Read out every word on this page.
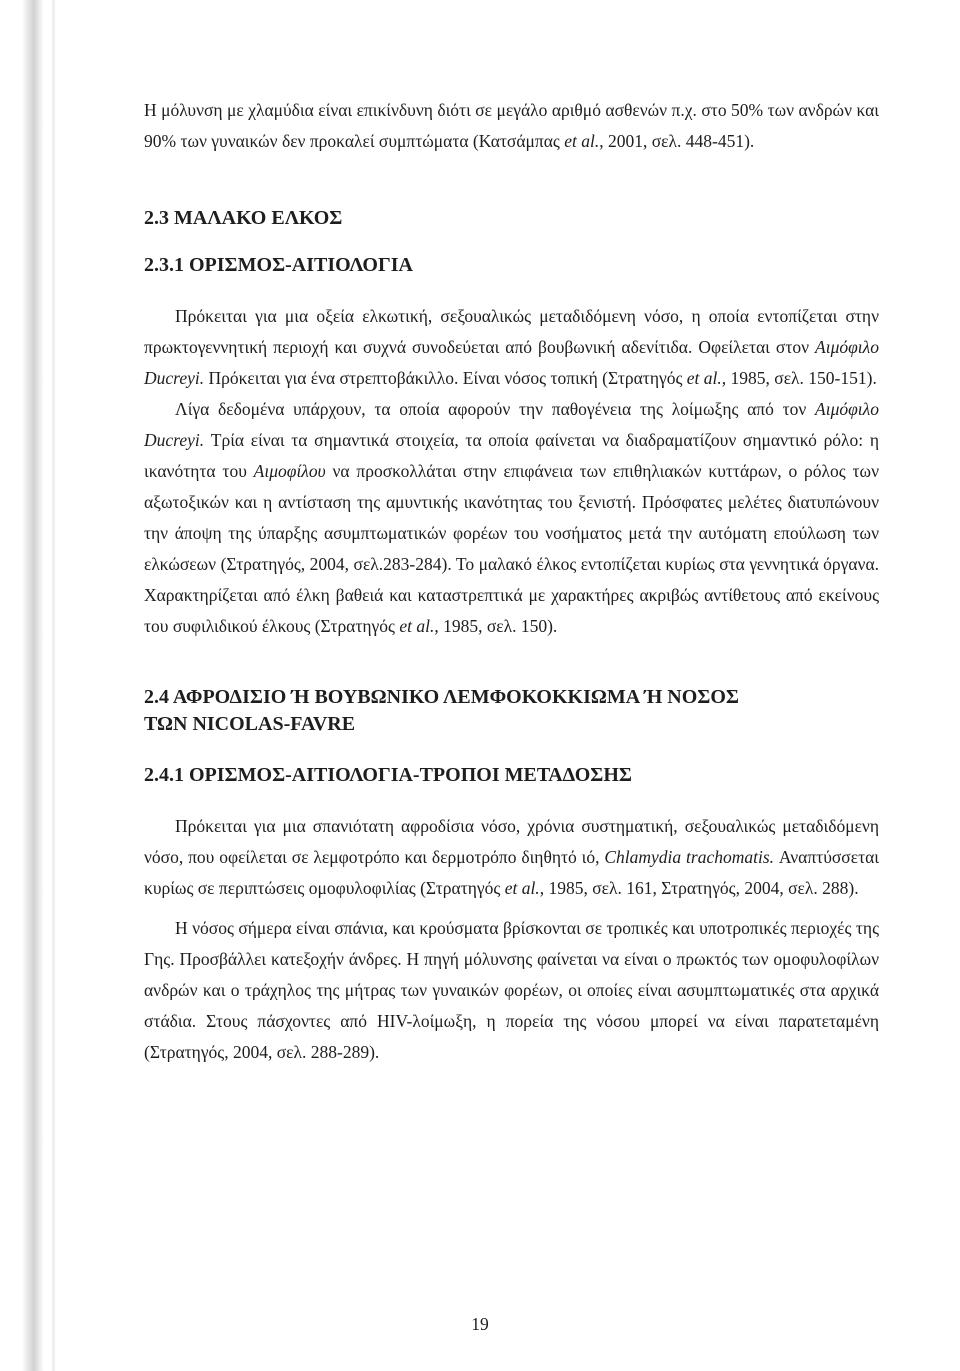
Η μόλυνση με χλαμύδια είναι επικίνδυνη διότι σε μεγάλο αριθμό ασθενών π.χ. στο 50% των ανδρών και 90% των γυναικών δεν προκαλεί συμπτώματα (Κατσάμπας et al., 2001, σελ. 448-451).

2.3 ΜΑΛΑΚΟ ΕΛΚΟΣ
2.3.1 ΟΡΙΣΜΟΣ-ΑΙΤΙΟΛΟΓΙΑ

Πρόκειται για μια οξεία ελκωτική, σεξουαλικώς μεταδιδόμενη νόσο, η οποία εντοπίζεται στην πρωκτογεννητική περιοχή και συχνά συνοδεύεται από βουβωνική αδενίτιδα. Οφείλεται στον Αιμόφιλο Ducreyi. Πρόκειται για ένα στρεπτοβάκιλλο. Είναι νόσος τοπική (Στρατηγός et al., 1985, σελ. 150-151).

Λίγα δεδομένα υπάρχουν, τα οποία αφορούν την παθογένεια της λοίμωξης από τον Αιμόφιλο Ducreyi. Τρία είναι τα σημαντικά στοιχεία, τα οποία φαίνεται να διαδραματίζουν σημαντικό ρόλο: η ικανότητα του Αιμοφίλου να προσκολλάται στην επιφάνεια των επιθηλιακών κυττάρων, ο ρόλος των αξωτοξικών και η αντίσταση της αμυντικής ικανότητας του ξενιστή. Πρόσφατες μελέτες διατυπώνουν την άποψη της ύπαρξης ασυμπτωματικών φορέων του νοσήματος μετά την αυτόματη επούλωση των ελκώσεων (Στρατηγός, 2004, σελ.283-284). Το μαλακό έλκος εντοπίζεται κυρίως στα γεννητικά όργανα. Χαρακτηρίζεται από έλκη βαθειά και καταστρεπτικά με χαρακτήρες ακριβώς αντίθετους από εκείνους του συφιλιδικού έλκους (Στρατηγός et al., 1985, σελ. 150).

2.4 ΑΦΡΟΔΙΣΙΟ Ή ΒΟΥΒΩΝΙΚΟ ΛΕΜΦΟΚΟΚΚΙΩΜΑ Ή ΝΟΣΟΣ
ΤΩΝ NICOLAS-FAVRE
2.4.1 ΟΡΙΣΜΟΣ-ΑΙΤΙΟΛΟΓΙΑ-ΤΡΟΠΟΙ ΜΕΤΑΔΟΣΗΣ

Πρόκειται για μια σπανιότατη αφροδίσια νόσο, χρόνια συστηματική, σεξουαλικώς μεταδιδόμενη νόσο, που οφείλεται σε λεμφοτρόπο και δερμοτρόπο διηθητό ιό, Chlamydia trachomatis. Αναπτύσσεται κυρίως σε περιπτώσεις ομοφυλοφιλίας (Στρατηγός et al., 1985, σελ. 161, Στρατηγός, 2004, σελ. 288).

Η νόσος σήμερα είναι σπάνια, και κρούσματα βρίσκονται σε τροπικές και υποτροπικές περιοχές της Γης. Προσβάλλει κατεξοχήν άνδρες. Η πηγή μόλυνσης φαίνεται να είναι ο πρωκτός των ομοφυλοφίλων ανδρών και ο τράχηλος της μήτρας των γυναικών φορέων, οι οποίες είναι ασυμπτωματικές στα αρχικά στάδια. Στους πάσχοντες από HIV-λοίμωξη, η πορεία της νόσου μπορεί να είναι παρατεταμένη (Στρατηγός, 2004, σελ. 288-289).

19
